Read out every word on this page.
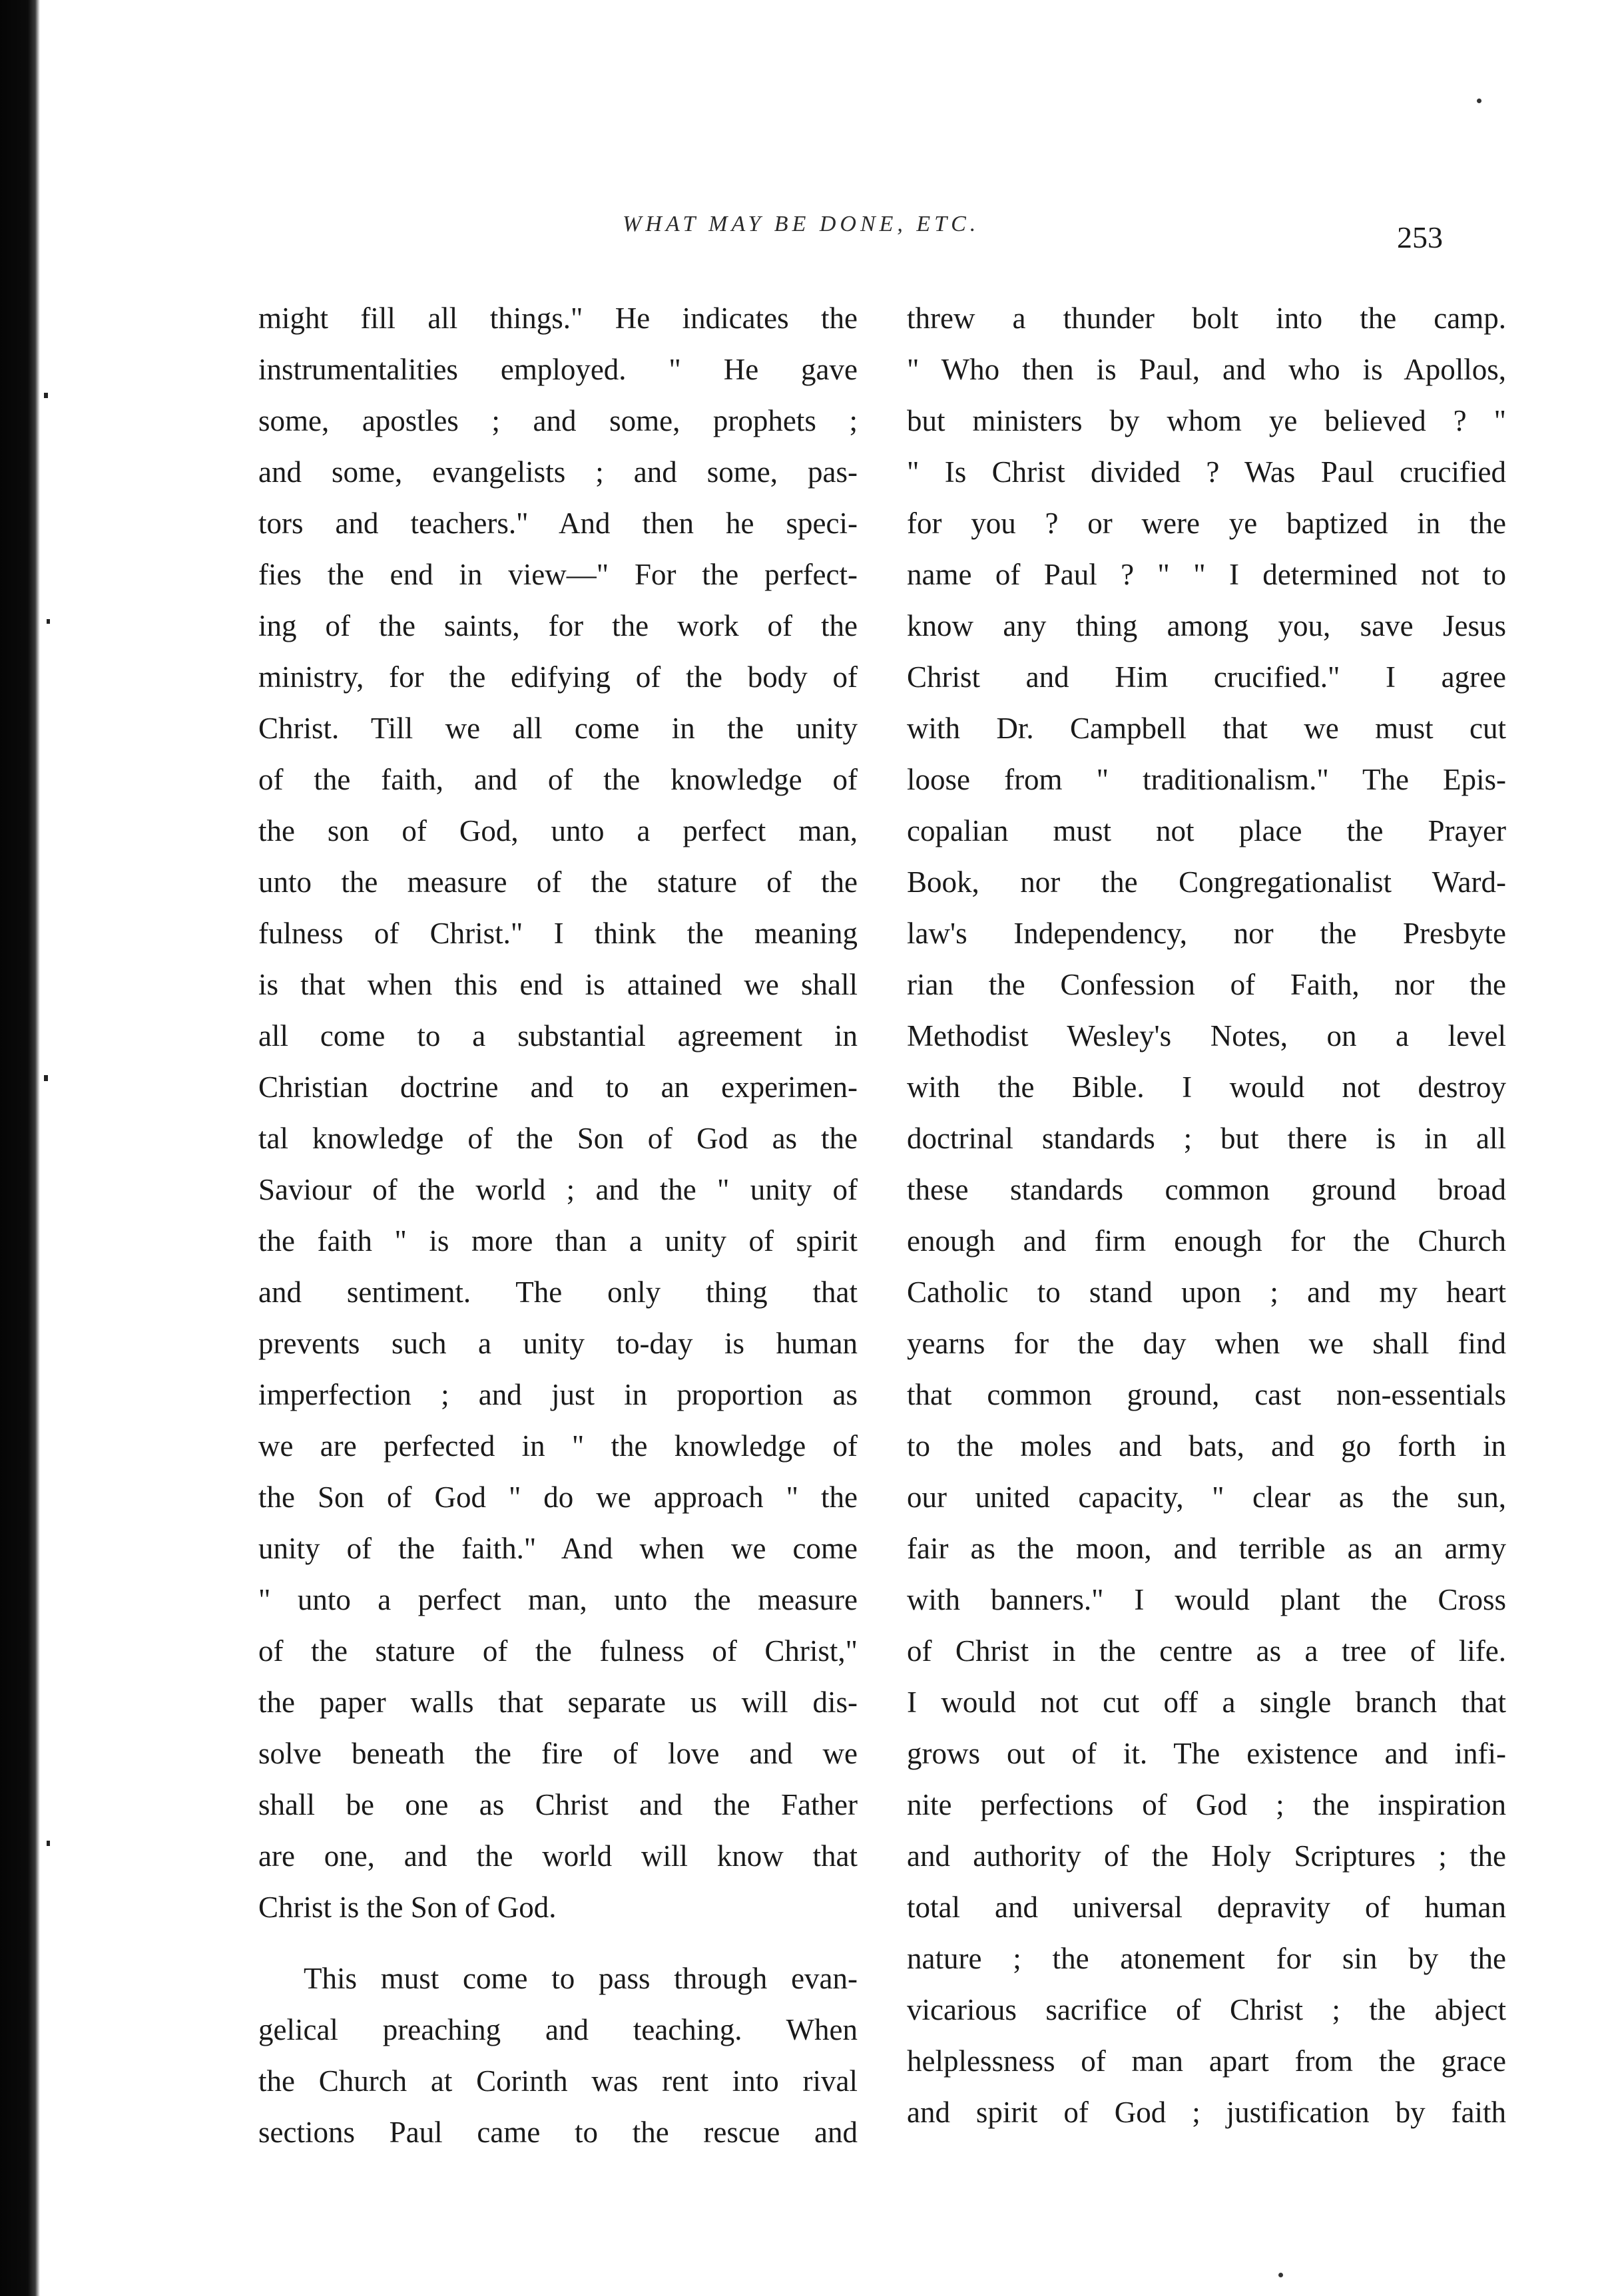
WHAT MAY BE DONE, ETC.	253
might fill all things." He indicates the
instrumentalities employed. " He gave
some, apostles ; and some, prophets ;
and some, evangelists ; and some, pas-
tors and teachers." And then he speci-
fies the end in view—" For the perfect-
ing of the saints, for the work of the
ministry, for the edifying of the body of
Christ. Till we all come in the unity
of the faith, and of the knowledge of
the son of God, unto a perfect man,
unto the measure of the stature of the
fulness of Christ." I think the meaning
is that when this end is attained we shall
all come to a substantial agreement in
Christian doctrine and to an experimen-
tal knowledge of the Son of God as the
Saviour of the world ; and the " unity of
the faith " is more than a unity of spirit
and sentiment. The only thing that
prevents such a unity to-day is human
imperfection ; and just in proportion as
we are perfected in " the knowledge of
the Son of God " do we approach " the
unity of the faith." And when we come
" unto a perfect man, unto the measure
of the stature of the fulness of Christ,"
the paper walls that separate us will dis-
solve beneath the fire of love and we
shall be one as Christ and the Father
are one, and the world will know that
Christ is the Son of God.
This must come to pass through evan-
gelical preaching and teaching. When
the Church at Corinth was rent into rival
sections Paul came to the rescue and
threw a thunder bolt into the camp.
" Who then is Paul, and who is Apollos,
but ministers by whom ye believed ? "
" Is Christ divided ? Was Paul crucified
for you ? or were ye baptized in the
name of Paul ? " " I determined not to
know any thing among you, save Jesus
Christ and Him crucified." I agree
with Dr. Campbell that we must cut
loose from " traditionalism." The Epis-
copalian must not place the Prayer
Book, nor the Congregationalist Ward-
law's Independency, nor the Presbyte
rian the Confession of Faith, nor the
Methodist Wesley's Notes, on a level
with the Bible. I would not destroy
doctrinal standards ; but there is in all
these standards common ground broad
enough and firm enough for the Church
Catholic to stand upon ; and my heart
yearns for the day when we shall find
that common ground, cast non-essentials
to the moles and bats, and go forth in
our united capacity, " clear as the sun,
fair as the moon, and terrible as an army
with banners." I would plant the Cross
of Christ in the centre as a tree of life.
I would not cut off a single branch that
grows out of it. The existence and infi-
nite perfections of God ; the inspiration
and authority of the Holy Scriptures ; the
total and universal depravity of human
nature ; the atonement for sin by the
vicarious sacrifice of Christ ; the abject
helplessness of man apart from the grace
and spirit of God ; justification by faith
